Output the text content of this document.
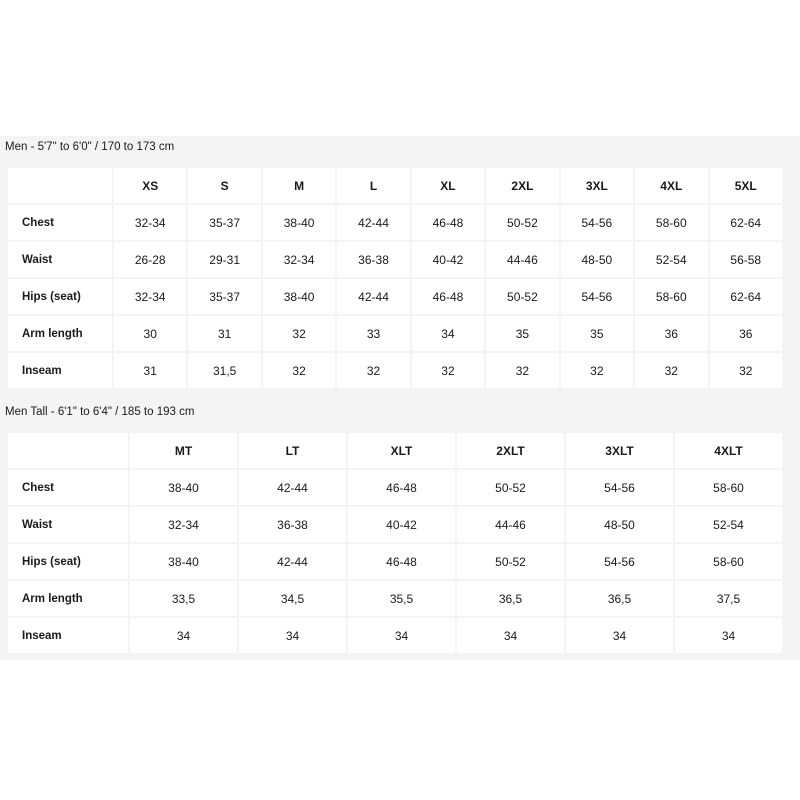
Men - 5'7" to 6'0" / 170 to 173 cm
	XS	S	M	L	XL	2XL	3XL	4XL	5XL
Chest	32-34	35-37	38-40	42-44	46-48	50-52	54-56	58-60	62-64
Waist	26-28	29-31	32-34	36-38	40-42	44-46	48-50	52-54	56-58
Hips (seat)	32-34	35-37	38-40	42-44	46-48	50-52	54-56	58-60	62-64
Arm length	30	31	32	33	34	35	35	36	36
Inseam	31	31,5	32	32	32	32	32	32	32
Men Tall - 6'1" to 6'4" / 185 to 193 cm
	MT	LT	XLT	2XLT	3XLT	4XLT
Chest	38-40	42-44	46-48	50-52	54-56	58-60
Waist	32-34	36-38	40-42	44-46	48-50	52-54
Hips (seat)	38-40	42-44	46-48	50-52	54-56	58-60
Arm length	33,5	34,5	35,5	36,5	36,5	37,5
Inseam	34	34	34	34	34	34
